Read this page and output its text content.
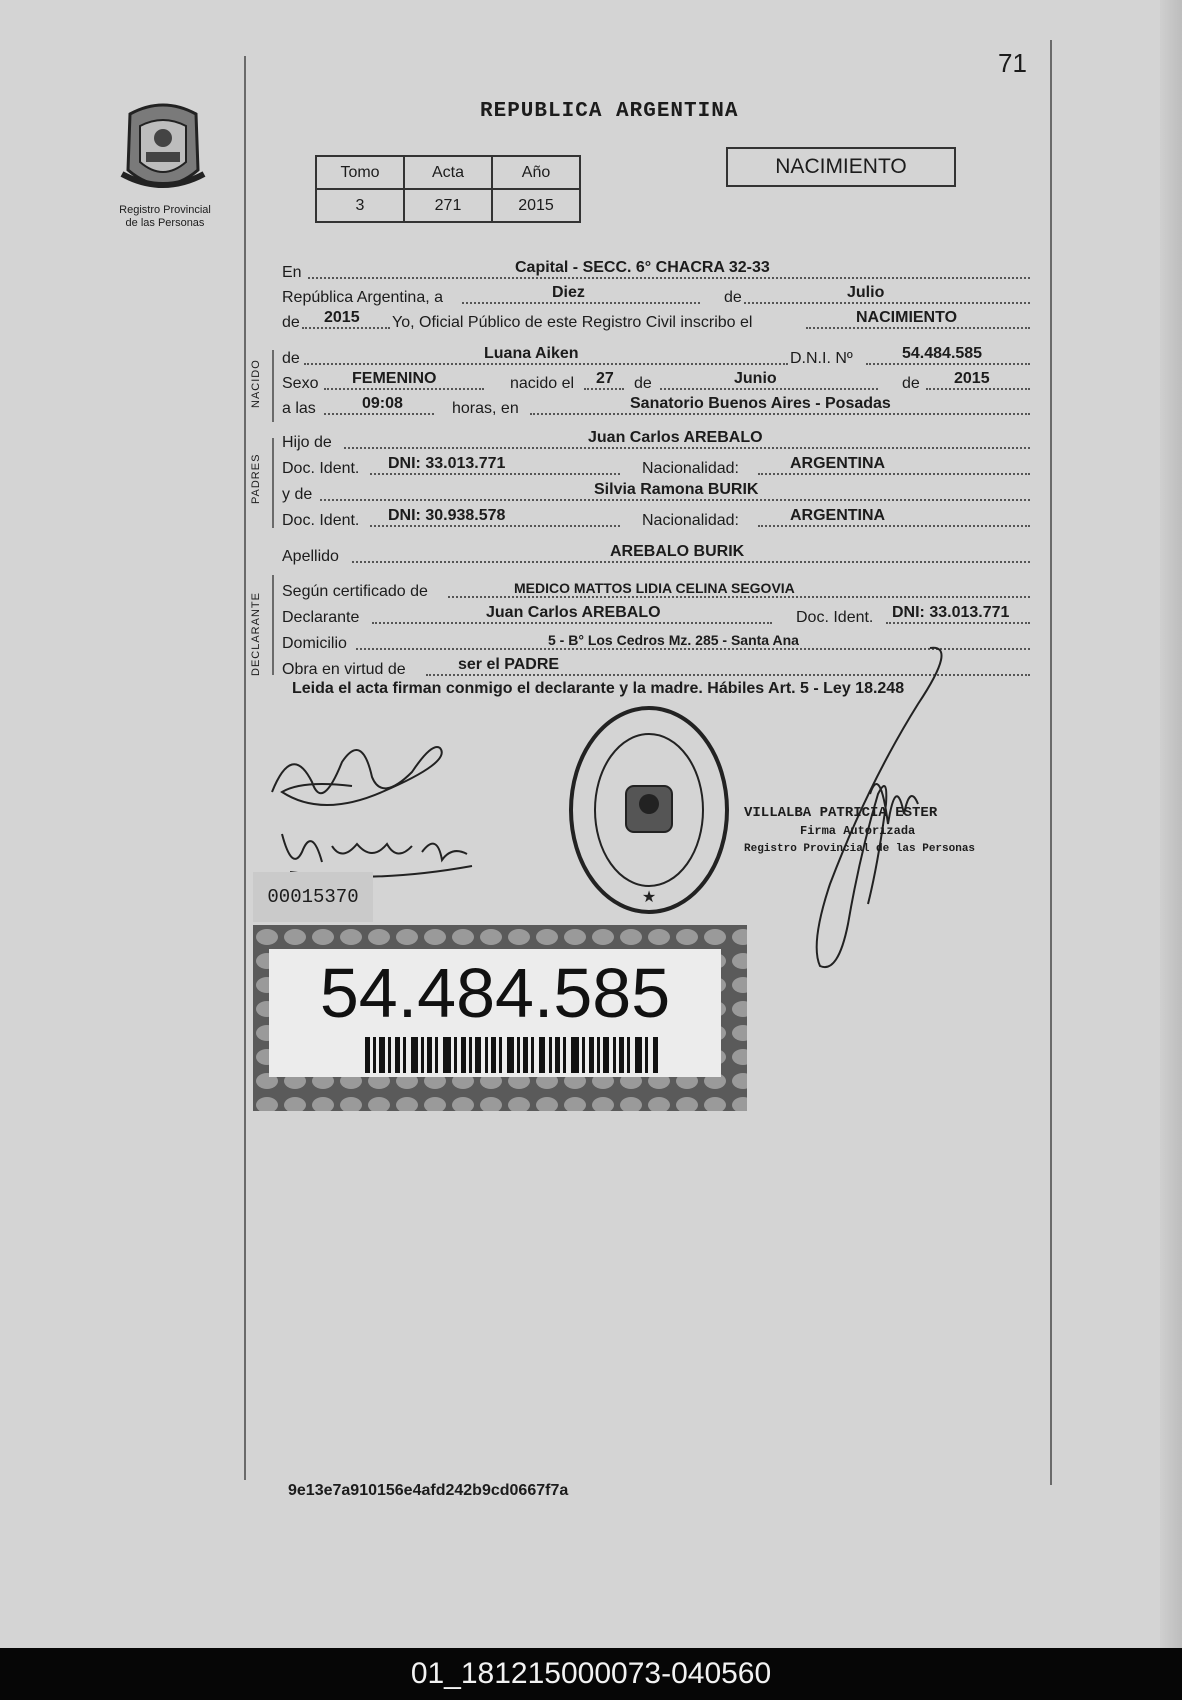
71
REPUBLICA ARGENTINA
Registro Provincial
de las Personas
Tomo	Acta	Año
3	271	2015
NACIMIENTO
En	Capital - SECC. 6° CHACRA 32-33
República Argentina, a	Diez	de	Julio
de 2015 Yo, Oficial Público de este Registro Civil inscribo el	NACIMIENTO
NACIDO
de	Luana Aiken	D.N.I. Nº	54.484.585
Sexo FEMENINO	nacido el 27 de	Junio	de 2015
a las	09:08	horas, en	Sanatorio Buenos Aires - Posadas
PADRES
Hijo de	Juan Carlos AREBALO
Doc. Ident. DNI: 33.013.771	Nacionalidad:	ARGENTINA
y de	Silvia Ramona BURIK
Doc. Ident. DNI: 30.938.578	Nacionalidad:	ARGENTINA
Apellido	AREBALO BURIK
DECLARANTE
Según certificado de	MEDICO MATTOS LIDIA CELINA SEGOVIA
Declarante	Juan Carlos AREBALO	Doc. Ident. DNI: 33.013.771
Domicilio	5 - B° Los Cedros Mz. 285 - Santa Ana
Obra en virtud de	ser el PADRE
Leida el acta firman conmigo el declarante y la madre. Hábiles Art. 5 - Ley 18.248
★
VILLALBA PATRICIA ESTER
Firma Autorizada
Registro Provincial de las Personas
00015370
54.484.585
9e13e7a910156e4afd242b9cd0667f7a
01_181215000073-040560
